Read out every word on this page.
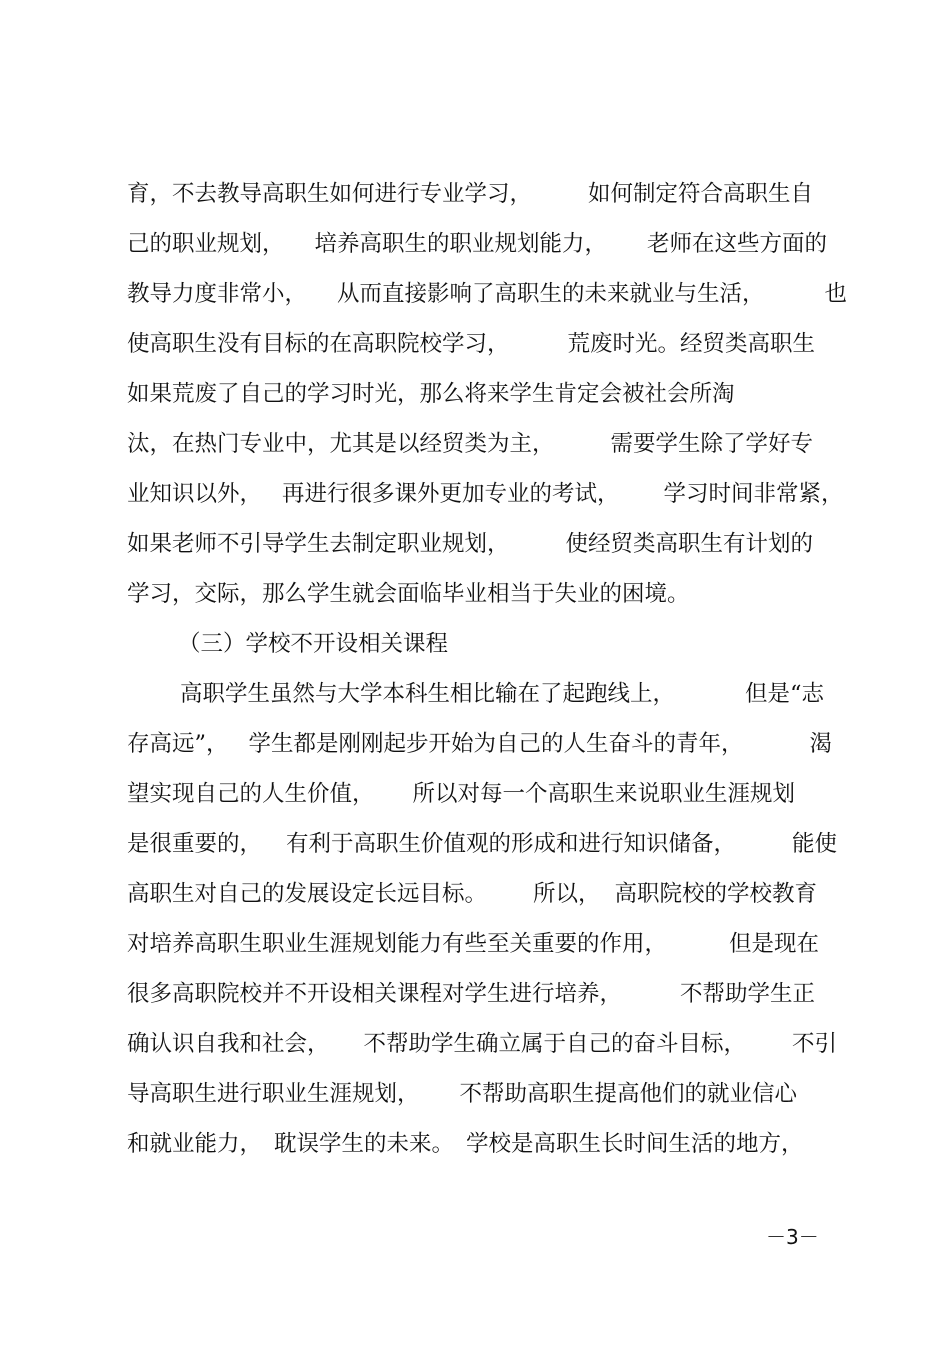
育，不去教导高职生如何进行专业学习， 如何制定符合高职生自
己的职业规划， 培养高职生的职业规划能力， 老师在这些方面的
教导力度非常小， 从而直接影响了高职生的未来就业与生活，	也
使高职生没有目标的在高职院校学习，	荒废时光。经贸类高职生
如果荒废了自己的学习时光，那么将来学生肯定会被社会所淘
汰，在热门专业中，尤其是以经贸类为主， 需要学生除了学好专
业知识以外， 再进行很多课外更加专业的考试， 学习时间非常紧，
如果老师不引导学生去制定职业规划， 使经贸类高职生有计划的
学习，交际，那么学生就会面临毕业相当于失业的困境。
（三）学校不开设相关课程
高职学生虽然与大学本科生相比输在了起跑线上，	但是“志
存高远”， 学生都是刚刚起步开始为自己的人生奋斗的青年，	渴
望实现自己的人生价值， 所以对每一个高职生来说职业生涯规划
是很重要的， 有利于高职生价值观的形成和进行知识储备， 能使
高职生对自己的发展设定长远目标。 所以， 高职院校的学校教育
对培养高职生职业生涯规划能力有些至关重要的作用，	但是现在
很多高职院校并不开设相关课程对学生进行培养，	不帮助学生正
确认识自我和社会， 不帮助学生确立属于自己的奋斗目标， 不引
导高职生进行职业生涯规划， 不帮助高职生提高他们的就业信心
和就业能力， 耽误学生的未来。 学校是高职生长时间生活的地方，
－3－
